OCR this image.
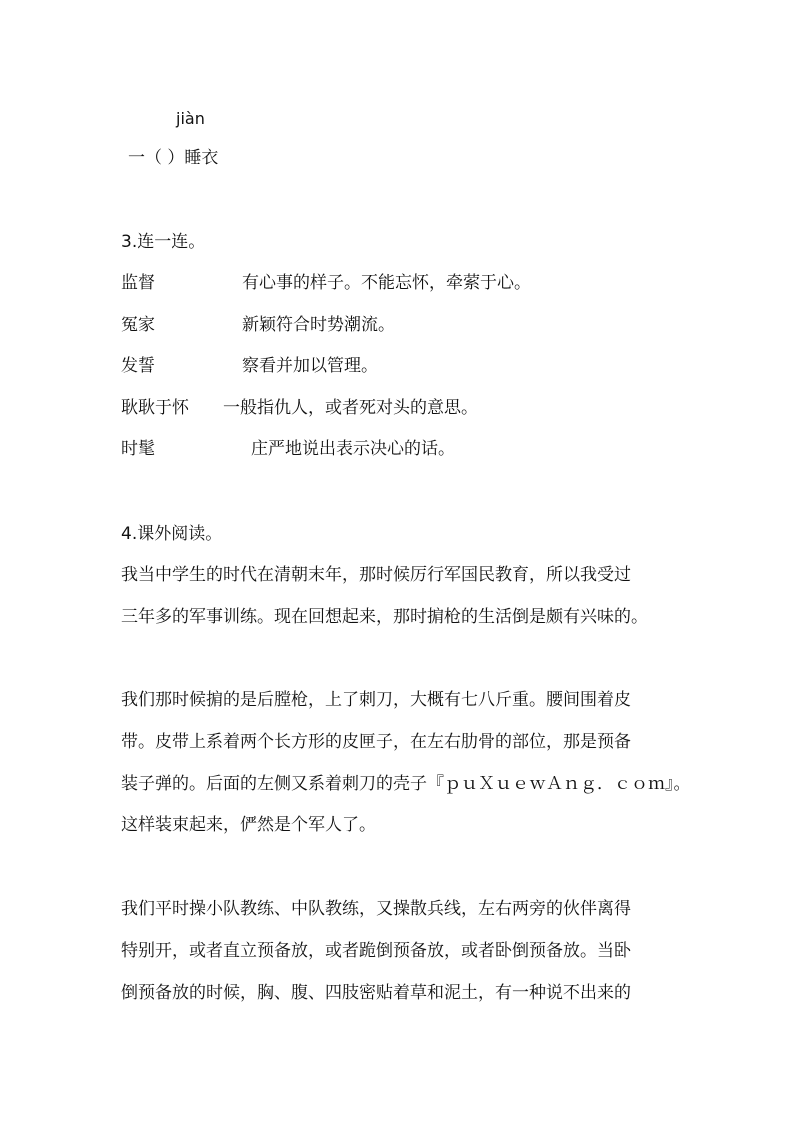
jiàn
一（ ）睡衣
3.连一连。
监督	有心事的样子。不能忘怀，牵萦于心。
冤家	新颖符合时势潮流。
发誓	察看并加以管理。
耿耿于怀 一般指仇人，或者死对头的意思。
时髦	庄严地说出表示决心的话。
4.课外阅读。
我当中学生的时代在清朝末年，那时候厉行军国民教育，所以我受过
三年多的军事训练。现在回想起来，那时掮枪的生活倒是颇有兴味的。
我们那时候掮的是后膛枪，上了刺刀，大概有七八斤重。腰间围着皮
带。皮带上系着两个长方形的皮匣子，在左右肋骨的部位，那是预备
装子弹的。后面的左侧又系着刺刀的壳子『ｐｕＸｕｅｗＡｎｇ．ｃｏｍ』。
这样装束起来，俨然是个军人了。
我们平时操小队教练、中队教练，又操散兵线，左右两旁的伙伴离得
特别开，或者直立预备放，或者跪倒预备放，或者卧倒预备放。当卧
倒预备放的时候，胸、腹、四肢密贴着草和泥土，有一种说不出来的
